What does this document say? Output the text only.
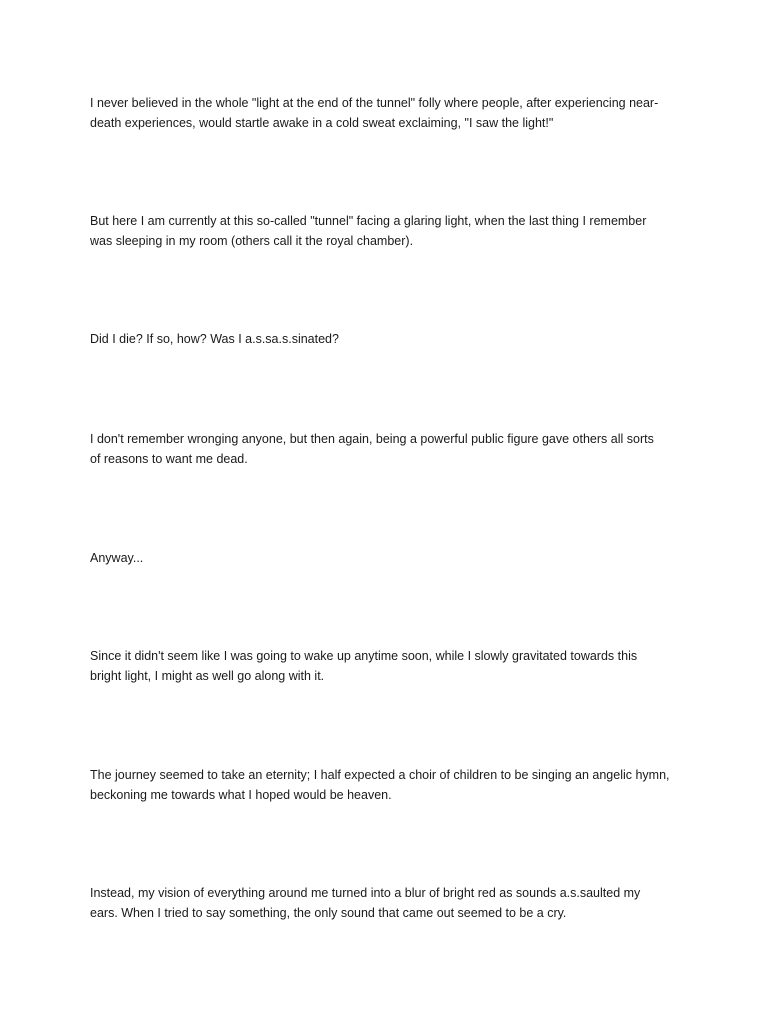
I never believed in the whole "light at the end of the tunnel" folly where people, after experiencing near-
death experiences, would startle awake in a cold sweat exclaiming, "I saw the light!"

But here I am currently at this so-called "tunnel" facing a glaring light, when the last thing I remember
was sleeping in my room (others call it the royal chamber).

Did I die? If so, how? Was I a.s.sa.s.sinated?

I don't remember wronging anyone, but then again, being a powerful public figure gave others all sorts
of reasons to want me dead.

Anyway...

Since it didn't seem like I was going to wake up anytime soon, while I slowly gravitated towards this
bright light, I might as well go along with it.

The journey seemed to take an eternity; I half expected a choir of children to be singing an angelic hymn,
beckoning me towards what I hoped would be heaven.

Instead, my vision of everything around me turned into a blur of bright red as sounds a.s.saulted my
ears. When I tried to say something, the only sound that came out seemed to be a cry.
